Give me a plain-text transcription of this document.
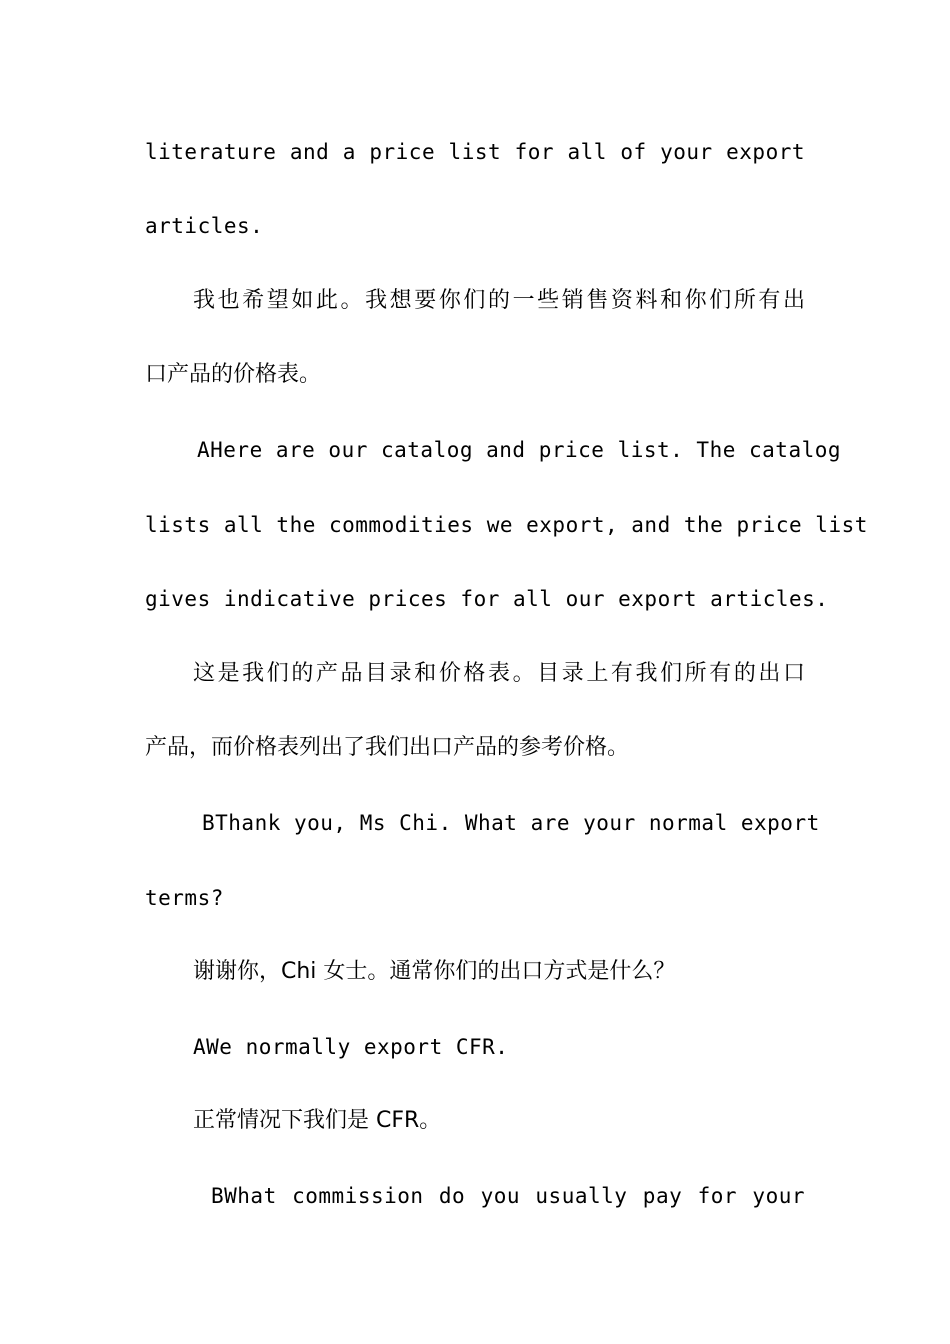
literature and a price list for all of your export
articles.
我也希望如此。我想要你们的一些销售资料和你们所有出
口产品的价格表。
AHere are our catalog and price list. The catalog
lists all the commodities we export, and the price list
gives indicative prices for all our export articles.
这是我们的产品目录和价格表。目录上有我们所有的出口
产品，而价格表列出了我们出口产品的参考价格。
BThank you, Ms Chi. What are your normal export
terms?
谢谢你，Chi 女士。通常你们的出口方式是什么？
AWe normally export CFR.
正常情况下我们是 CFR。
BWhat commission do you usually pay for your
